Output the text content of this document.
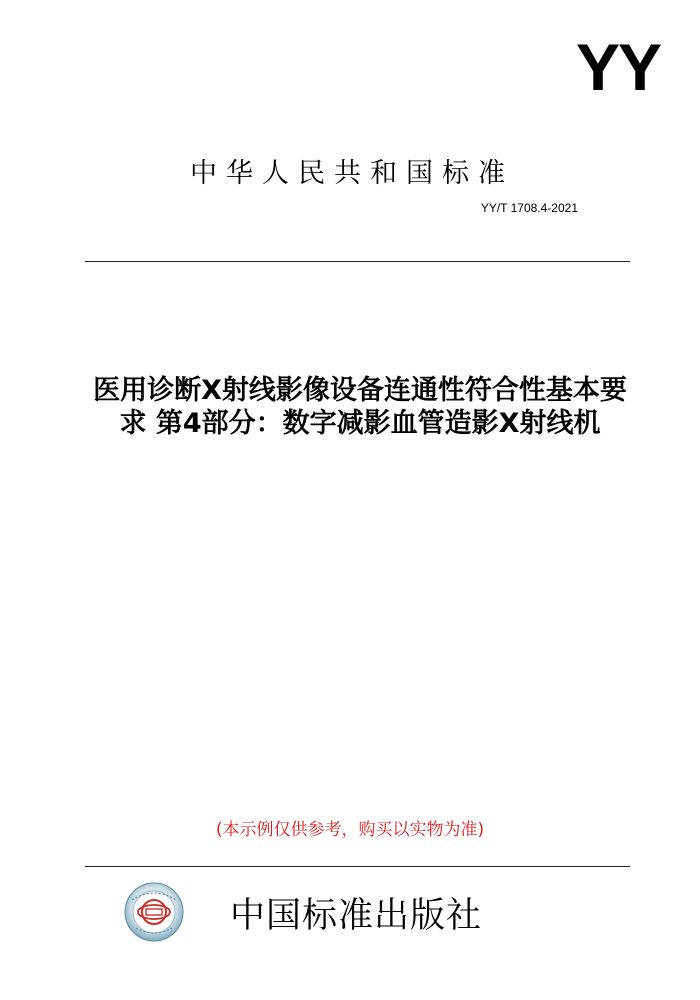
YY
中华人民共和国标准
YY/T 1708.4-2021
医用诊断X射线影像设备连通性符合性基本要
求 第4部分：数字减影血管造影X射线机
(本示例仅供参考，购买以实物为准)
中国标准出版社
